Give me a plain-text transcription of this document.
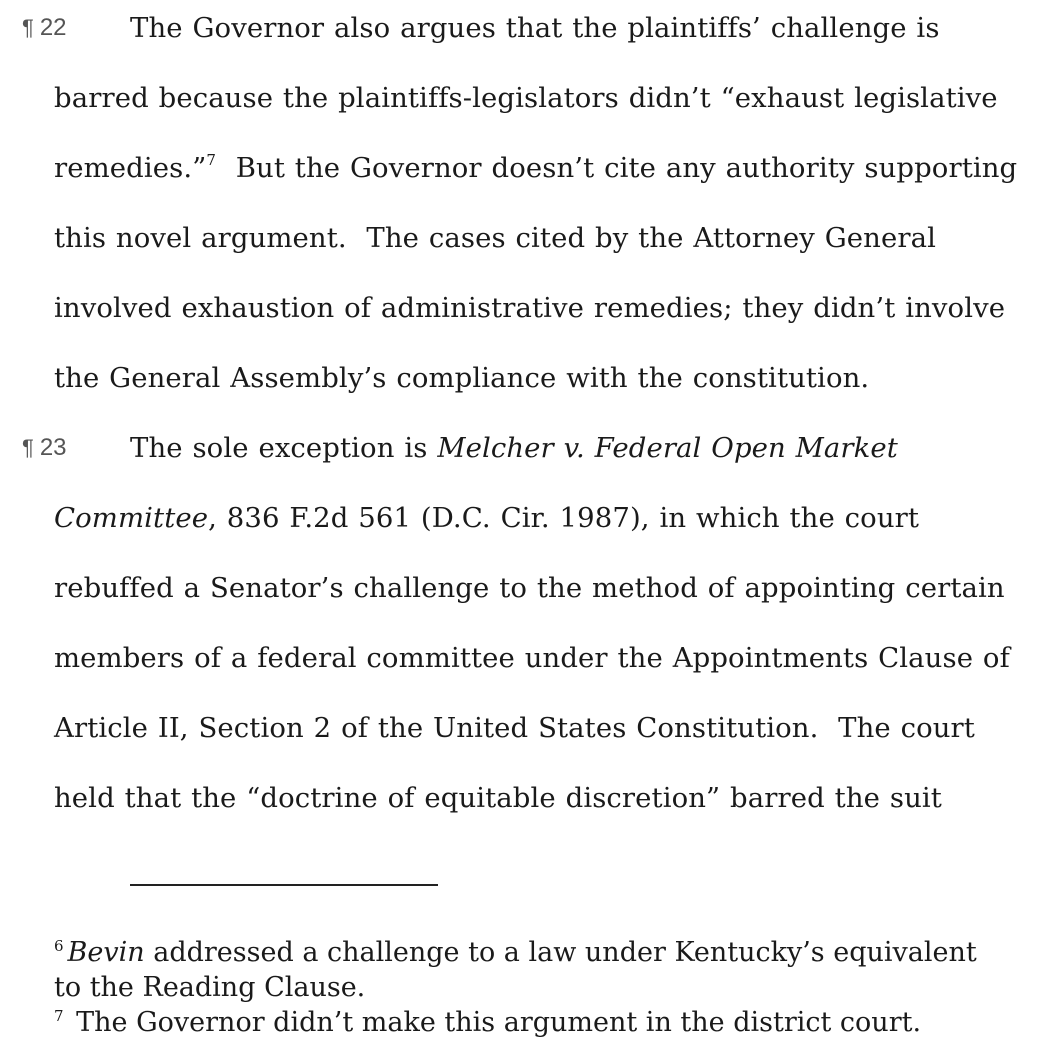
¶ 22	The Governor also argues that the plaintiffs’ challenge is
barred because the plaintiffs-legislators didn’t “exhaust legislative
remedies.”$^7$  But the Governor doesn’t cite any authority supporting
this novel argument.  The cases cited by the Attorney General
involved exhaustion of administrative remedies; they didn’t involve
the General Assembly’s compliance with the constitution.
¶ 23	The sole exception is Melcher v. Federal Open Market
Committee, 836 F.2d 561 (D.C. Cir. 1987), in which the court
rebuffed a Senator’s challenge to the method of appointing certain
members of a federal committee under the Appointments Clause of
Article II, Section 2 of the United States Constitution.  The court
held that the “doctrine of equitable discretion” barred the suit
$^6$ Bevin addressed a challenge to a law under Kentucky’s equivalent
to the Reading Clause.
$^7$ The Governor didn’t make this argument in the district court.
